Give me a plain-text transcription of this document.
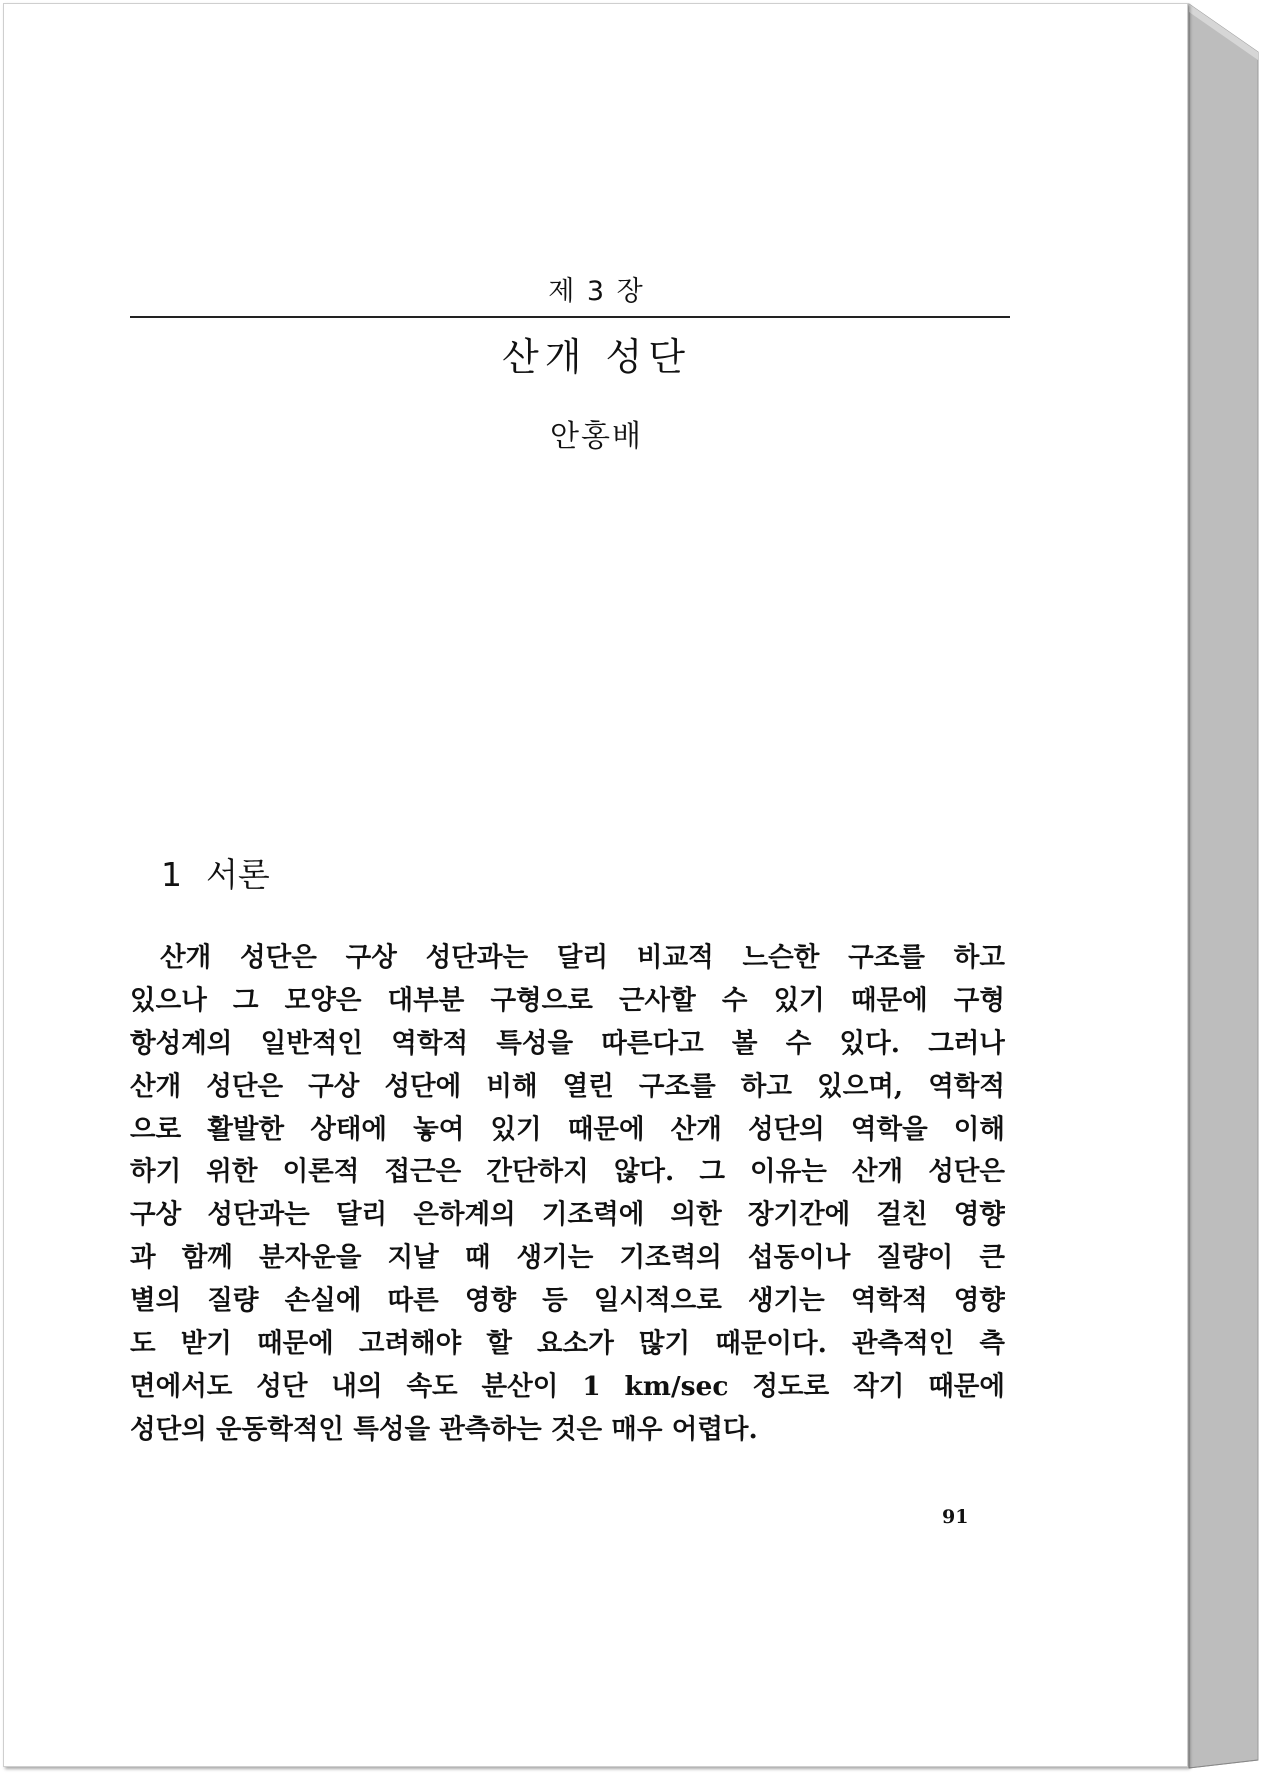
제 3 장
산개 성단
안홍배
1 서론
산개 성단은 구상 성단과는 달리 비교적 느슨한 구조를 하고
있으나 그 모양은 대부분 구형으로 근사할 수 있기 때문에 구형
항성계의 일반적인 역학적 특성을 따른다고 볼 수 있다. 그러나
산개 성단은 구상 성단에 비해 열린 구조를 하고 있으며, 역학적
으로 활발한 상태에 놓여 있기 때문에 산개 성단의 역학을 이해
하기 위한 이론적 접근은 간단하지 않다. 그 이유는 산개 성단은
구상 성단과는 달리 은하계의 기조력에 의한 장기간에 걸친 영향
과 함께 분자운을 지날 때 생기는 기조력의 섭동이나 질량이 큰
별의 질량 손실에 따른 영향 등 일시적으로 생기는 역학적 영향
도 받기 때문에 고려해야 할 요소가 많기 때문이다. 관측적인 측
면에서도 성단 내의 속도 분산이 1 km/sec 정도로 작기 때문에
성단의 운동학적인 특성을 관측하는 것은 매우 어렵다.
91
